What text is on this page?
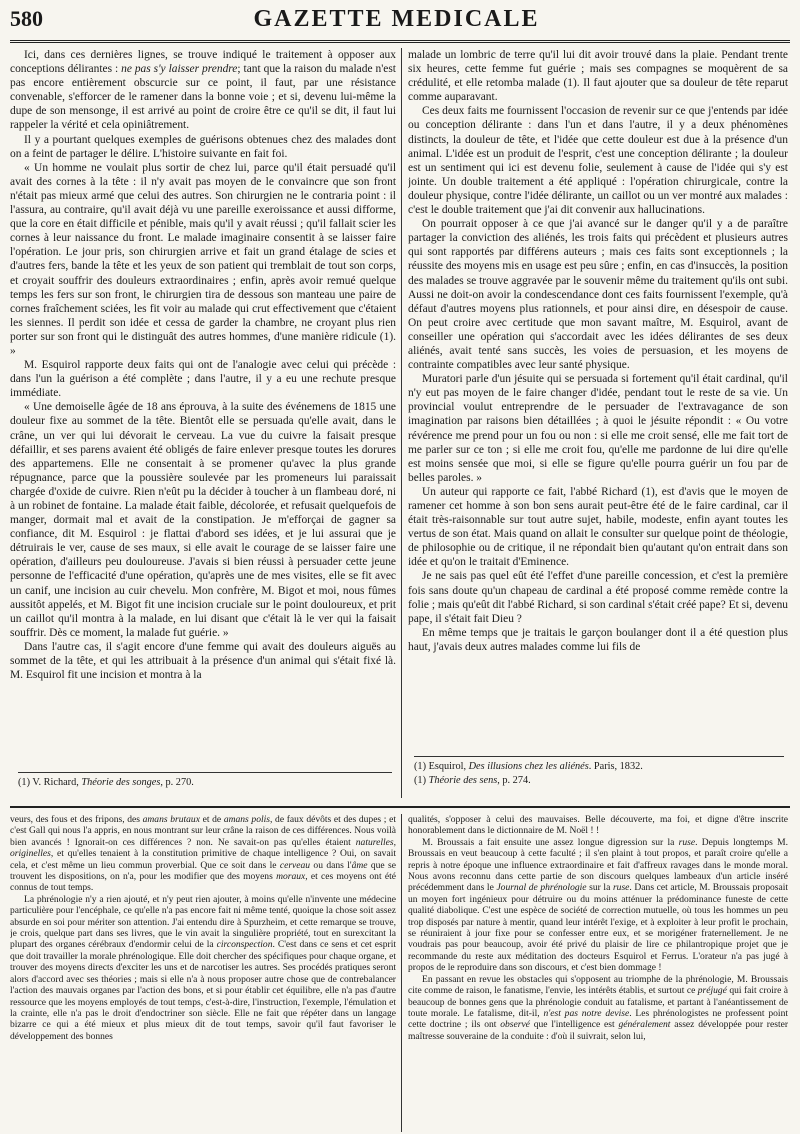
580	GAZETTE MEDICALE

Ici, dans ces dernières lignes, se trouve indiqué le traitement à opposer aux conceptions délirantes : ne pas s'y laisser prendre; tant que la raison du malade n'est pas encore entièrement obscurcie sur ce point, il faut, par une résistance convenable, s'efforcer de le ramener dans la bonne voie ; et si, devenu lui-même la dupe de son mensonge, il est arrivé au point de croire être ce qu'il se dit, il faut lui rappeler la vérité et cela opiniâtrement.

Il y a pourtant quelques exemples de guérisons obtenues chez des malades dont on a feint de partager le délire. L'histoire suivante en fait foi.

« Un homme ne voulait plus sortir de chez lui, parce qu'il était persuadé qu'il avait des cornes à la tête : il n'y avait pas moyen de le convaincre que son front n'était pas mieux armé que celui des autres. Son chirurgien ne le contraria point : il l'assura, au contraire, qu'il avait déjà vu une pareille exeroissance et aussi difforme, que la core en était difficile et pénible, mais qu'il y avait réussi ; qu'il fallait scier les cornes à leur naissance du front. Le malade imaginaire consentit à se laisser faire l'opération. Le jour pris, son chirurgien arrive et fait un grand étalage de scies et d'autres fers, bande la tête et les yeux de son patient qui tremblait de tout son corps, et croyait souffrir des douleurs extraordinaires ; enfin, après avoir remué quelque temps les fers sur son front, le chirurgien tira de dessous son manteau une paire de cornes fraîchement sciées, les fit voir au malade qui crut effectivement que c'étaient les siennes. Il perdit son idée et cessa de garder la chambre, ne croyant plus rien porter sur son front qui le distinguât des autres hommes, d'une manière ridicule (1). »

M. Esquirol rapporte deux faits qui ont de l'analogie avec celui qui précède : dans l'un la guérison a été complète ; dans l'autre, il y a eu une rechute presque immédiate.

« Une demoiselle âgée de 18 ans éprouva, à la suite des événemens de 1815 une douleur fixe au sommet de la tête. Bientôt elle se persuada qu'elle avait, dans le crâne, un ver qui lui dévorait le cerveau. La vue du cuivre la faisait presque défaillir, et ses parens avaient été obligés de faire enlever presque toutes les dorures des appartemens. Elle ne consentait à se promener qu'avec la plus grande répugnance, parce que la poussière soulevée par les promeneurs lui paraissait chargée d'oxide de cuivre. Rien n'eût pu la décider à toucher à un flambeau doré, ni à un robinet de fontaine. La malade était faible, décolorée, et refusait quelquefois de manger, dormait mal et avait de la constipation. Je m'efforçai de gagner sa confiance, dit M. Esquirol : je flattai d'abord ses idées, et je lui assurai que je détruirais le ver, cause de ses maux, si elle avait le courage de se laisser faire une opération, d'ailleurs peu douloureuse. J'avais si bien réussi à persuader cette jeune personne de l'efficacité d'une opération, qu'après une de mes visites, elle se fit avec un canif, une incision au cuir chevelu. Mon confrère, M. Bigot et moi, nous fûmes aussitôt appelés, et M. Bigot fit une incision cruciale sur le point douloureux, et prit un caillot qu'il montra à la malade, en lui disant que c'était là le ver qui la faisait souffrir. Dès ce moment, la malade fut guérie. »

Dans l'autre cas, il s'agit encore d'une femme qui avait des douleurs aiguës au sommet de la tête, et qui les attribuait à la présence d'un animal qui s'était fixé là. M. Esquirol fit une incision et montra à la

malade un lombric de terre qu'il lui dit avoir trouvé dans la plaie. Pendant trente six heures, cette femme fut guérie ; mais ses compagnes se moquèrent de sa crédulité, et elle retomba malade (1). Il faut ajouter que sa douleur de tête reparut comme auparavant.

Ces deux faits me fournissent l'occasion de revenir sur ce que j'entends par idée ou conception délirante : dans l'un et dans l'autre, il y a deux phénomènes distincts, la douleur de tête, et l'idée que cette douleur est due à la présence d'un animal. L'idée est un produit de l'esprit, c'est une conception délirante ; la douleur est un sentiment qui ici est devenu folie, seulement à cause de l'idée qui s'y est jointe. Un double traitement a été appliqué : l'opération chirurgicale, contre la douleur physique, contre l'idée délirante, un caillot ou un ver montré aux malades : c'est le double traitement que j'ai dit convenir aux hallucinations.

On pourrait opposer à ce que j'ai avancé sur le danger qu'il y a de paraître partager la conviction des aliénés, les trois faits qui précèdent et plusieurs autres qui sont rapportés par différens auteurs ; mais ces faits sont exceptionnels ; la réussite des moyens mis en usage est peu sûre ; enfin, en cas d'insuccès, la position des malades se trouve aggravée par le souvenir même du traitement qu'ils ont subi. Aussi ne doit-on avoir la condescendance dont ces faits fournissent l'exemple, qu'à défaut d'autres moyens plus rationnels, et pour ainsi dire, en désespoir de cause. On peut croire avec certitude que mon savant maître, M. Esquirol, avant de conseiller une opération qui s'accordait avec les idées délirantes de ses deux aliénés, avait tenté sans succès, les voies de persuasion, et les moyens de contrainte compatibles avec leur santé physique.

Muratori parle d'un jésuite qui se persuada si fortement qu'il était cardinal, qu'il n'y eut pas moyen de le faire changer d'idée, pendant tout le reste de sa vie. Un provincial voulut entreprendre de le persuader de l'extravagance de son imagination par raisons bien détaillées ; à quoi le jésuite répondit : « Ou votre révérence me prend pour un fou ou non : si elle me croit sensé, elle me fait tort de me parler sur ce ton ; si elle me croit fou, qu'elle me pardonne de lui dire qu'elle est moins sensée que moi, si elle se figure qu'elle pourra guérir un fou par de belles paroles. »

Un auteur qui rapporte ce fait, l'abbé Richard (1), est d'avis que le moyen de ramener cet homme à son bon sens aurait peut-être été de le faire cardinal, car il était très-raisonnable sur tout autre sujet, habile, modeste, enfin ayant toutes les vertus de son état. Mais quand on allait le consulter sur quelque point de théologie, de philosophie ou de critique, il ne répondait bien qu'autant qu'on entrait dans son idée et qu'on le traitait d'Eminence.

Je ne sais pas quel eût été l'effet d'une pareille concession, et c'est la première fois sans doute qu'un chapeau de cardinal a été proposé comme remède contre la folie ; mais qu'eût dit l'abbé Richard, si son cardinal s'était créé pape? Et si, devenu pape, il s'était fait Dieu ?

En même temps que je traitais le garçon boulanger dont il a été question plus haut, j'avais deux autres malades comme lui fils de

(1) V. Richard, Théorie des songes, p. 270.
(1) Esquirol, Des illusions chez les aliénés. Paris, 1832.
(1) Théorie des sens, p. 274.

veurs, des fous et des fripons, des amans brutaux et de amans polis, de faux dévôts et des dupes ; et c'est Gall qui nous l'a appris, en nous montrant sur leur crâne la raison de ces différences. Nous voilà bien avancés ! Ignorait-on ces différences ? non. Ne savait-on pas qu'elles étaient naturelles, originelles, et qu'elles tenaient à la constitution primitive de chaque intelligence ? Oui, on savait cela, et c'est même un lieu commun proverbial. Que ce soit dans le cerveau ou dans l'âme que se trouvent les dispositions, on n'a, pour les modifier que des moyens moraux, et ces moyens ont été connus de tout temps.

La phrénologie n'y a rien ajouté, et n'y peut rien ajouter, à moins qu'elle n'invente une médecine particulière pour l'encéphale, ce qu'elle n'a pas encore fait ni même tenté, quoique la chose soit assez absurde en soi pour mériter son attention. J'ai entendu dire à Spurzheim, et cette remarque se trouve, je crois, quelque part dans ses livres, que le vin avait la singulière propriété, tout en surexcitant la plupart des organes cérébraux d'endormir celui de la circonspection. C'est dans ce sens et cet esprit que doit travailler la morale phrénologique. Elle doit chercher des spécifiques pour chaque organe, et trouver des moyens directs d'exciter les uns et de narcotiser les autres. Ses procédés pratiques seront alors d'accord avec ses théories ; mais si elle n'a à nous proposer autre chose que de contrebalancer l'action des mauvais organes par l'action des bons, et si pour établir cet équilibre, elle n'a pas d'autre ressource que les moyens employés de tout temps, c'est-à-dire, l'instruction, l'exemple, l'émulation et la crainte, elle n'a pas le droit d'endoctriner son siècle. Elle ne fait que répéter dans un langage bizarre ce qui a été mieux et plus mieux dit de tout temps, savoir qu'il faut favoriser le développement des bonnes

qualités, s'opposer à celui des mauvaises. Belle découverte, ma foi, et digne d'être inscrite honorablement dans le dictionnaire de M. Noël ! !

M. Broussais a fait ensuite une assez longue digression sur la ruse. Depuis longtemps M. Broussais en veut beaucoup à cette faculté ; il s'en plaint à tout propos, et paraît croire qu'elle a repris à notre époque une influence extraordinaire et fait d'affreux ravages dans le monde moral. Nous avons reconnu dans cette partie de son discours quelques lambeaux d'un article inséré précédemment dans le Journal de phrénologie sur la ruse. Dans cet article, M. Broussais proposait un moyen fort ingénieux pour détruire ou du moins atténuer la prédominance funeste de cette qualité diabolique. C'est une espèce de société de correction mutuelle, où tous les hommes un peu trop disposés par nature à mentir, quand leur intérêt l'exige, et à exploiter à leur profit le prochain, se réuniraient à jour fixe pour se confesser entre eux, et se morigéner fraternellement. Je ne voudrais pas pour beaucoup, avoir été privé du plaisir de lire ce philantropique projet que je recommande du reste aux méditation des docteurs Esquirol et Ferrus. L'orateur n'a pas jugé à propos de le reproduire dans son discours, et c'est bien dommage !

En passant en revue les obstacles qui s'opposent au triomphe de la phrénologie, M. Broussais cite comme de raison, le fanatisme, l'envie, les intérêts établis, et surtout ce préjugé qui fait croire à beaucoup de bonnes gens que la phrénologie conduit au fatalisme, et partant à l'anéantissement de toute morale. Le fatalisme, dit-il, n'est pas notre devise. Les phrénologistes ne professent point cette doctrine ; ils ont observé que l'intelligence est généralement assez développée pour rester maîtresse souveraine de la conduite : d'où il suivrait, selon lui,
